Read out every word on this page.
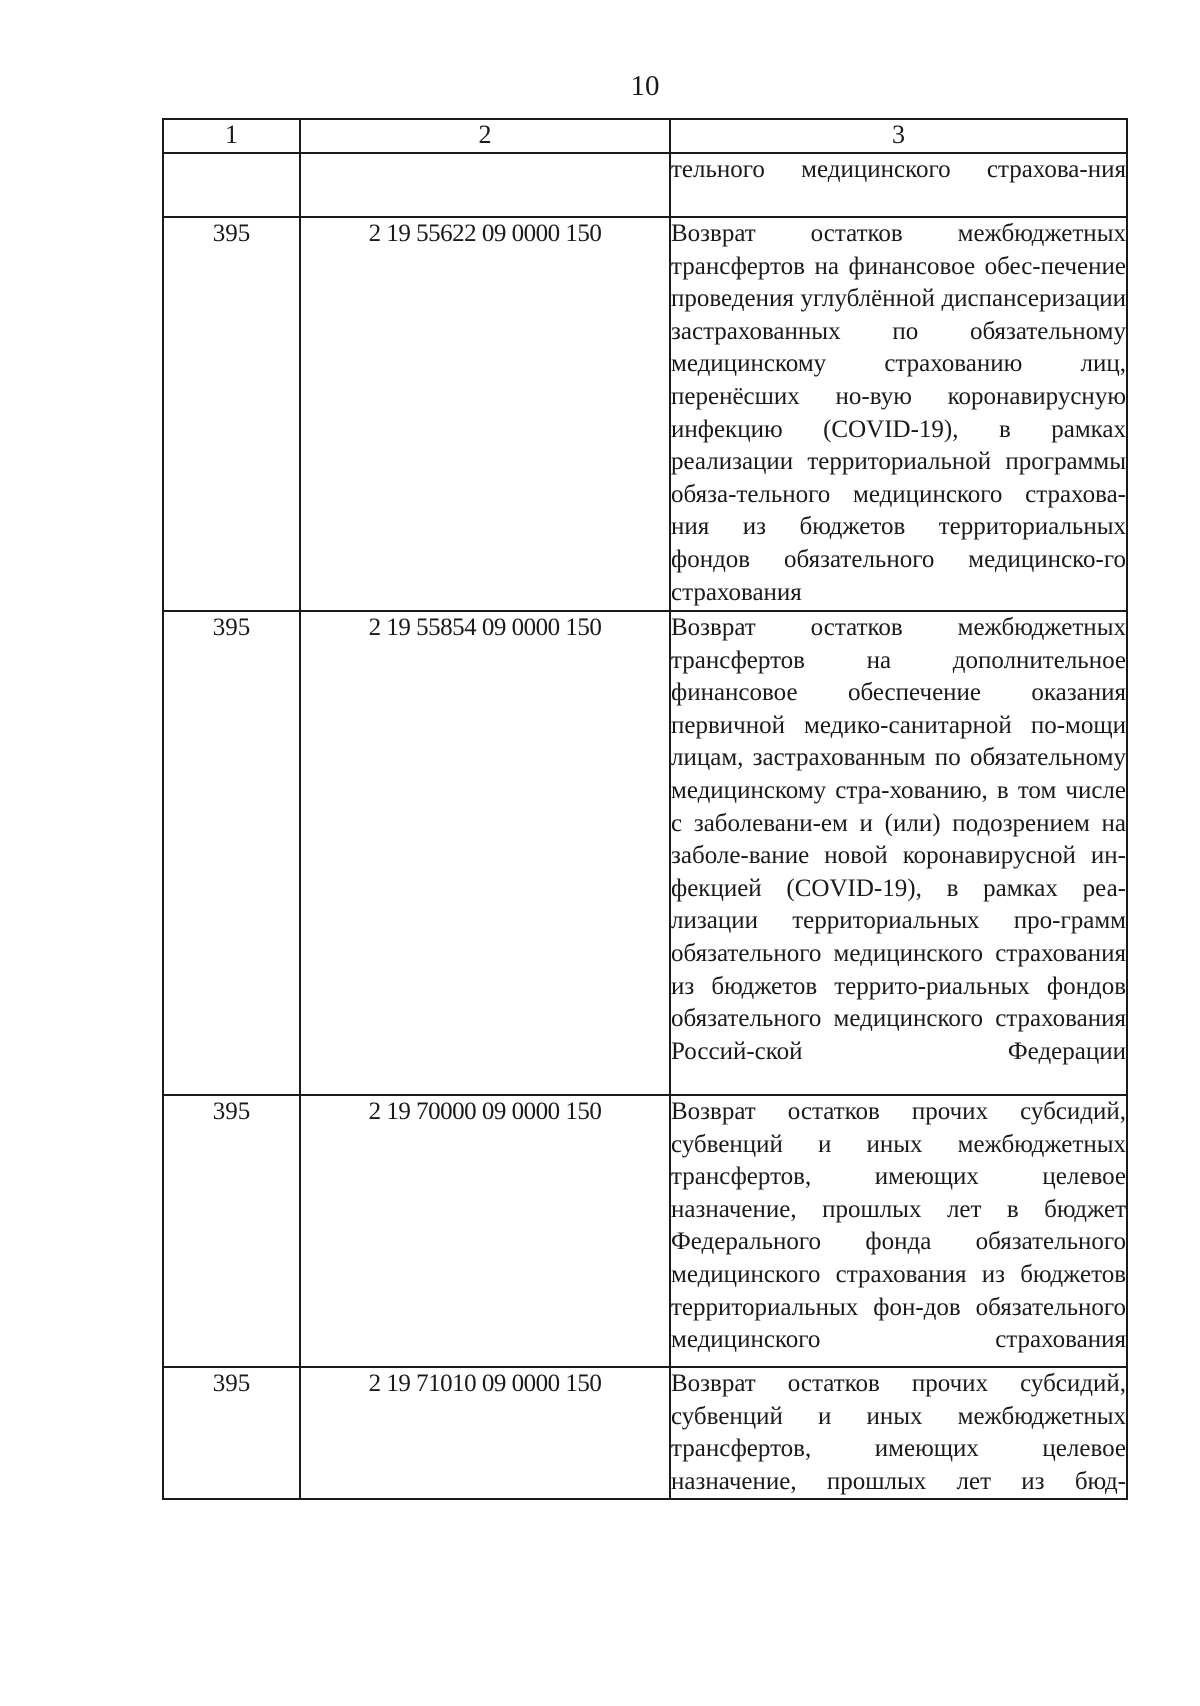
10
1	2	3

		тельного медицинского страхова-ния

395	2 19 55622 09 0000 150	Возврат остатков межбюджетных трансфертов на финансовое обес-печение проведения углублённой диспансеризации застрахованных по обязательному медицинскому страхованию лиц, перенёсших но-вую коронавирусную инфекцию (COVID-19), в рамках реализации территориальной программы обяза-тельного медицинского страхова-ния из бюджетов территориальных фондов обязательного медицинско-го страхования

395	2 19 55854 09 0000 150	Возврат остатков межбюджетных трансфертов на дополнительное финансовое обеспечение оказания первичной медико-санитарной по-мощи лицам, застрахованным по обязательному медицинскому стра-хованию, в том числе с заболевани-ем и (или) подозрением на заболе-вание новой коронавирусной ин-фекцией (COVID-19), в рамках реа-лизации территориальных про-грамм обязательного медицинского страхования из бюджетов террито-риальных фондов обязательного медицинского страхования Россий-ской Федерации

395	2 19 70000 09 0000 150	Возврат остатков прочих субсидий, субвенций и иных межбюджетных трансфертов, имеющих целевое назначение, прошлых лет в бюджет Федерального фонда обязательного медицинского страхования из бюджетов территориальных фон-дов обязательного медицинского страхования

395	2 19 71010 09 0000 150	Возврат остатков прочих субсидий, субвенций и иных межбюджетных трансфертов, имеющих целевое назначение, прошлых лет из бюд-
